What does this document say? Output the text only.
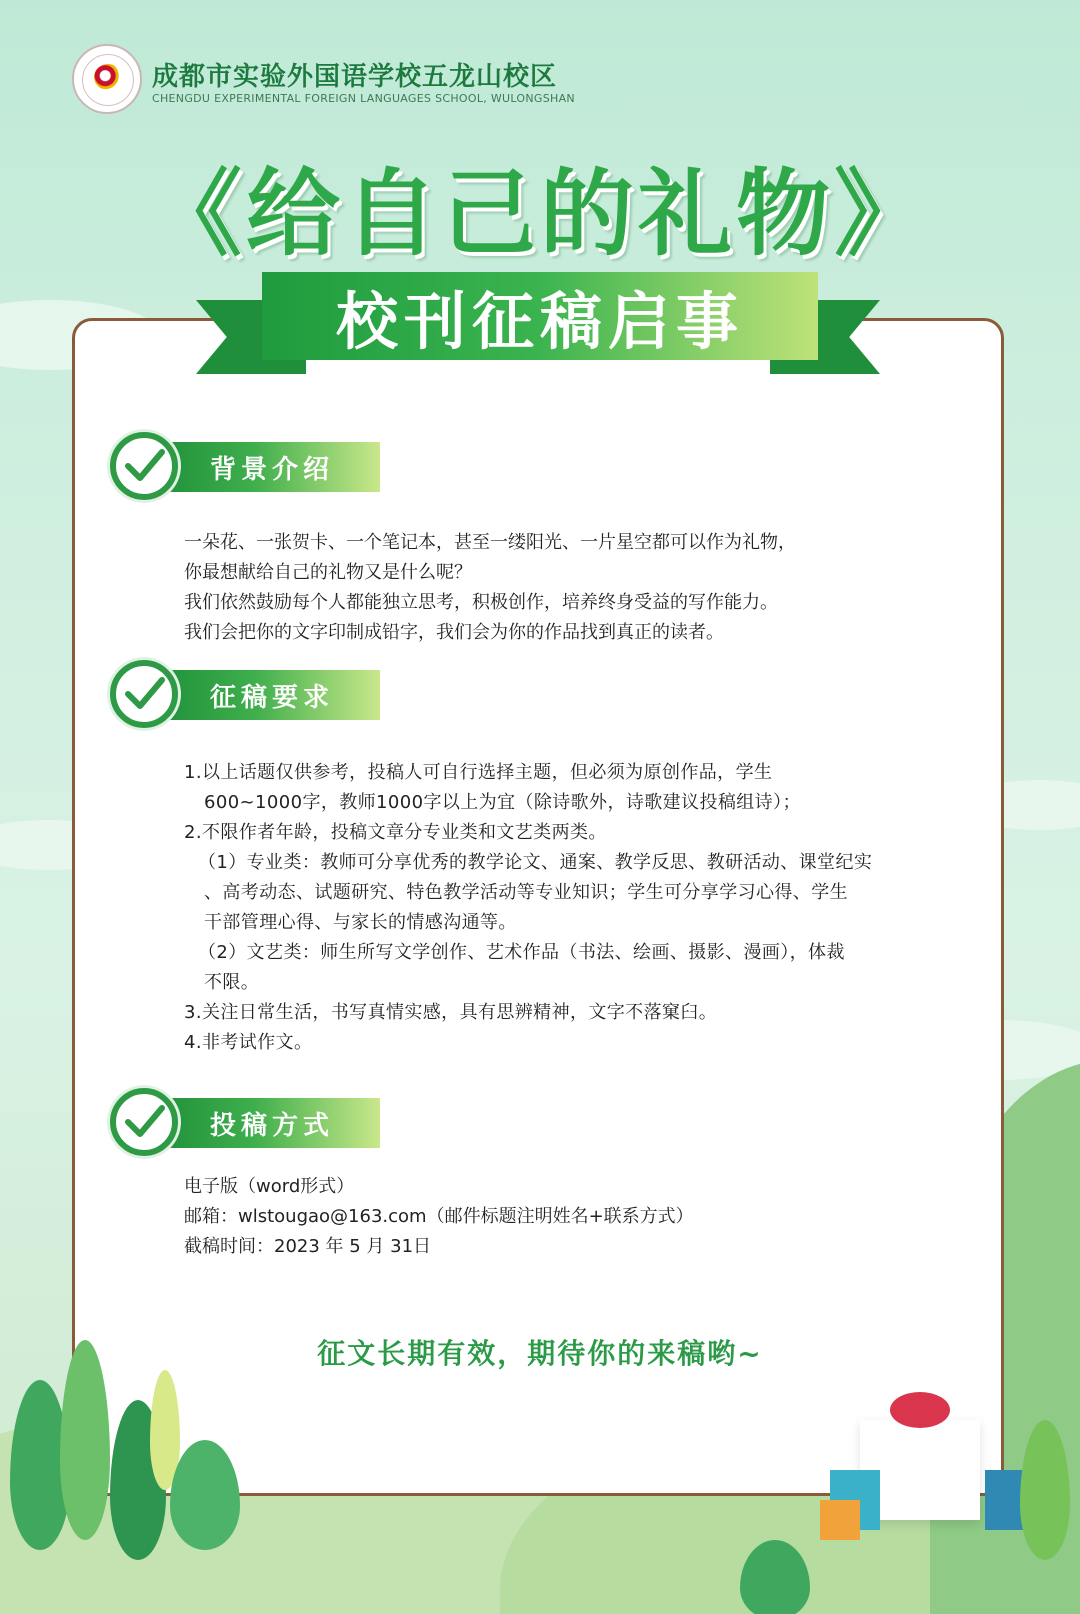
成都市实验外国语学校五龙山校区
CHENGDU EXPERIMENTAL FOREIGN LANGUAGES SCHOOL, WULONGSHAN
《给自己的礼物》
校刊征稿启事
背景介绍
一朵花、一张贺卡、一个笔记本，甚至一缕阳光、一片星空都可以作为礼物，
你最想献给自己的礼物又是什么呢？
我们依然鼓励每个人都能独立思考，积极创作，培养终身受益的写作能力。
我们会把你的文字印制成铅字，我们会为你的作品找到真正的读者。
征稿要求
1.以上话题仅供参考，投稿人可自行选择主题，但必须为原创作品，学生
600~1000字，教师1000字以上为宜（除诗歌外，诗歌建议投稿组诗）；
2.不限作者年龄，投稿文章分专业类和文艺类两类。
（1）专业类：教师可分享优秀的教学论文、通案、教学反思、教研活动、课堂纪实
、高考动态、试题研究、特色教学活动等专业知识；学生可分享学习心得、学生
干部管理心得、与家长的情感沟通等。
（2）文艺类：师生所写文学创作、艺术作品（书法、绘画、摄影、漫画），体裁
不限。
3.关注日常生活，书写真情实感，具有思辨精神，文字不落窠臼。
4.非考试作文。
投稿方式
电子版（word形式）
邮箱：wlstougao@163.com（邮件标题注明姓名+联系方式）
截稿时间：2023 年 5 月 31日
征文长期有效，期待你的来稿哟~
